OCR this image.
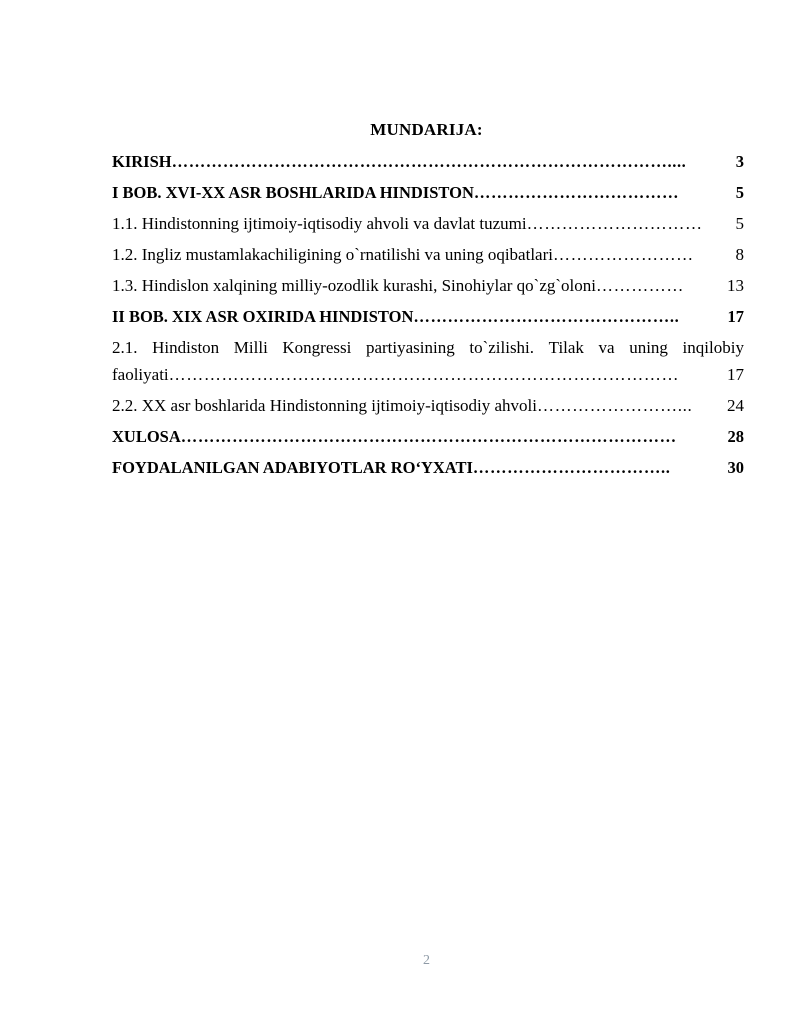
MUNDARIJA:
KIRISH ……………………………………………………………………………....	3
I BOB. XVI-XX ASR BOSHLARIDA HINDISTON ………………………………	5
1.1. Hindistonning ijtimoiy-iqtisodiy ahvoli va davlat tuzumi …………………………	5
1.2. Ingliz mustamlakachiligining o`rnatilishi va uning oqibatlari ……………………	8
1.3. Hindislon xalqining milliy-ozodlik kurashi, Sinohiylar qo`zg`oloni ……………	13
II BOB. XIX ASR OXIRIDA HINDISTON ………………………………………..	17
2.1. Hindiston Milli Kongressi partiyasining to`zilishi. Tilak va uning inqilobiy
faoliyati ……………………………………………………………………………	17
2.2. XX asr boshlarida Hindistonning ijtimoiy-iqtisodiy ahvoli ……………………...	24
XULOSA ……………………………………………………………………………	28
FOYDALANILGAN ADABIYOTLAR RO‘YXATI ……………………………..	30
2
